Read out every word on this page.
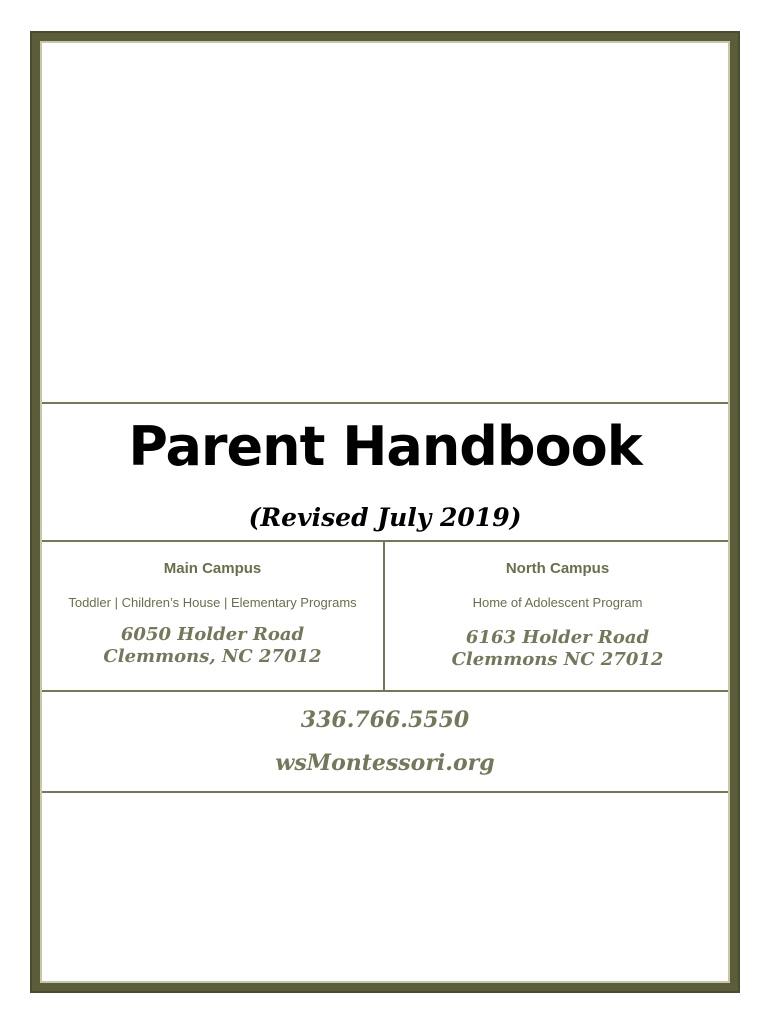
Parent Handbook
(Revised July 2019)
Main Campus
Toddler | Children’s House | Elementary Programs
6050 Holder Road
Clemmons, NC 27012
North Campus
Home of Adolescent Program
6163 Holder Road
Clemmons NC 27012
336.766.5550
wsMontessori.org
